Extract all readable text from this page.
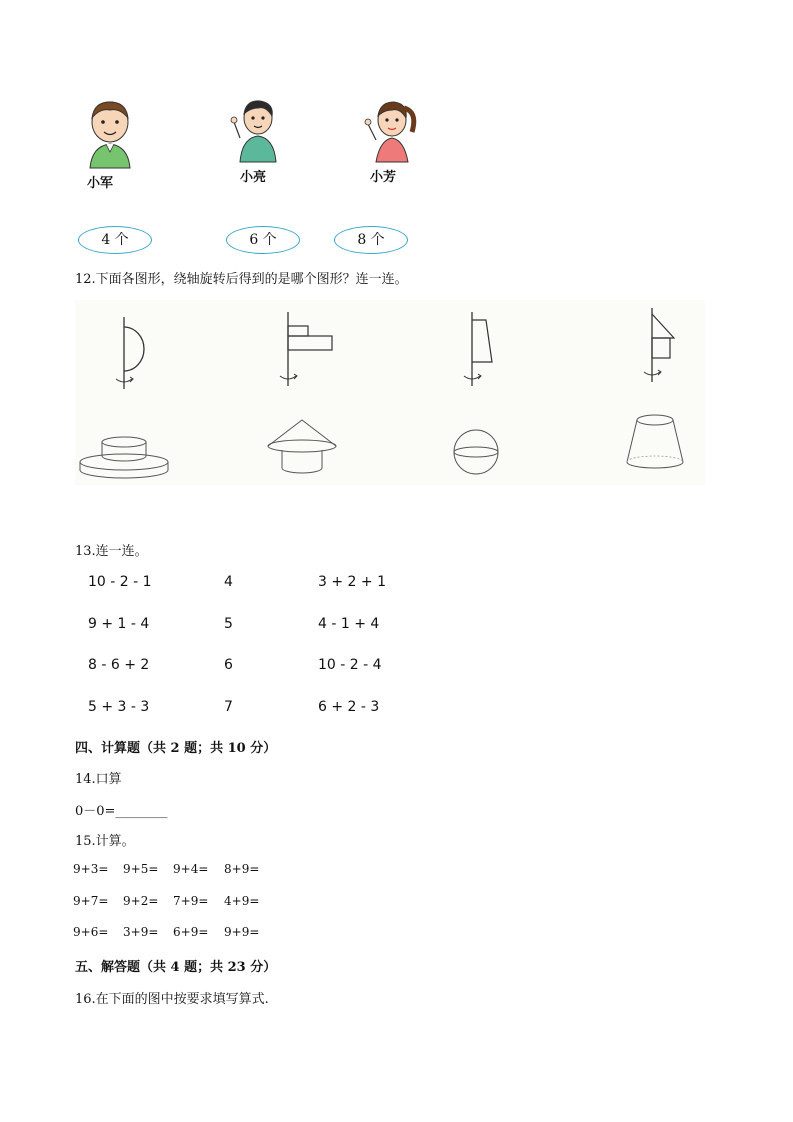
小军	小亮	小芳
4 个	6 个	8 个
12.下面各图形，绕轴旋转后得到的是哪个图形？连一连。
13.连一连。
10 - 2 - 1	4	3 + 2 + 1
9 + 1 - 4	5	4 - 1 + 4
8 - 6 + 2	6	10 - 2 - 4
5 + 3 - 3	7	6 + 2 - 3
四、计算题（共 2 题；共 10 分）
14.口算
0－0=________
15.计算。
9+3= 9+5= 9+4= 8+9=
9+7= 9+2= 7+9= 4+9=
9+6= 3+9= 6+9= 9+9=
五、解答题（共 4 题；共 23 分）
16.在下面的图中按要求填写算式.
